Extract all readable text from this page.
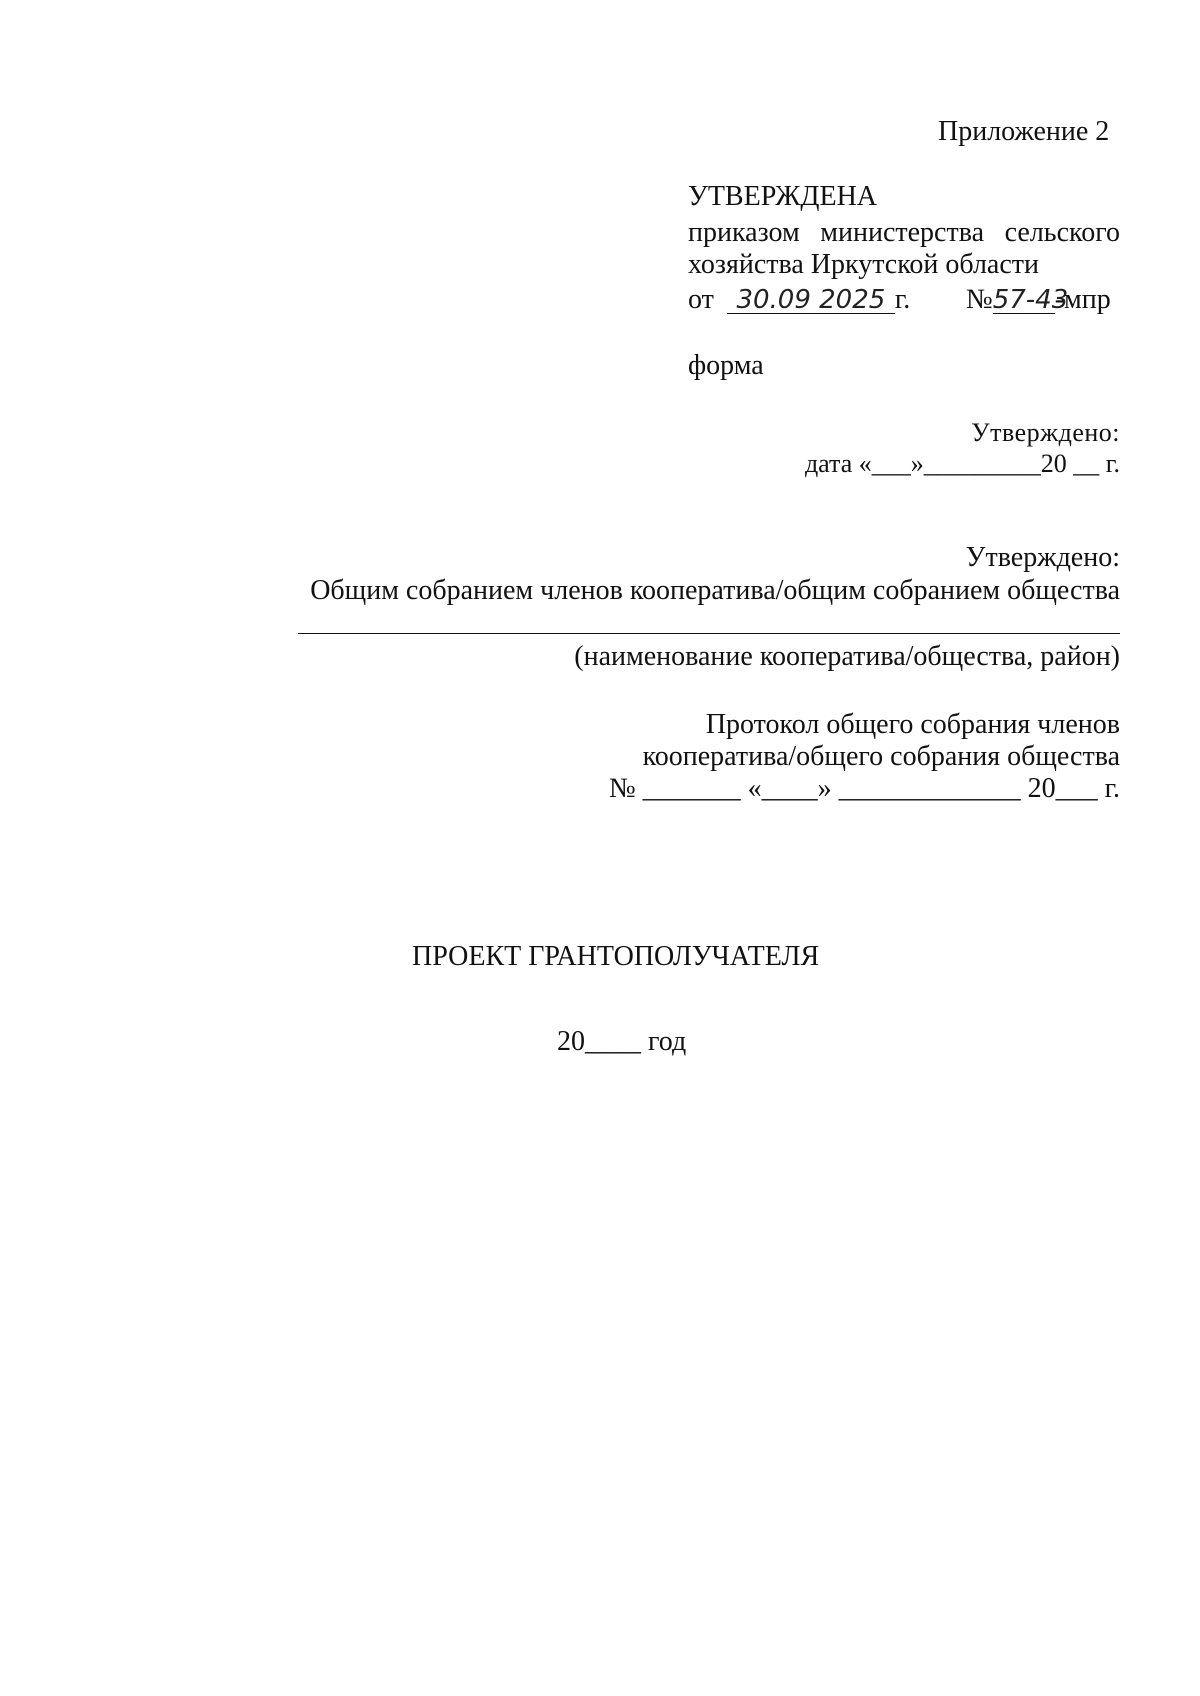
Приложение 2
УТВЕРЖДЕНА
приказом министерства сельского
хозяйства Иркутской области
от 30.09 2025 г. №57-43-мпр
форма
Утверждено:
дата «___»_________20 __ г.
Утверждено:
Общим собранием членов кооператива/общим собранием общества
(наименование кооператива/общества, район)
Протокол общего собрания членов
кооператива/общего собрания общества
№ _______ «____» _____________ 20___ г.
ПРОЕКТ ГРАНТОПОЛУЧАТЕЛЯ
20____ год
